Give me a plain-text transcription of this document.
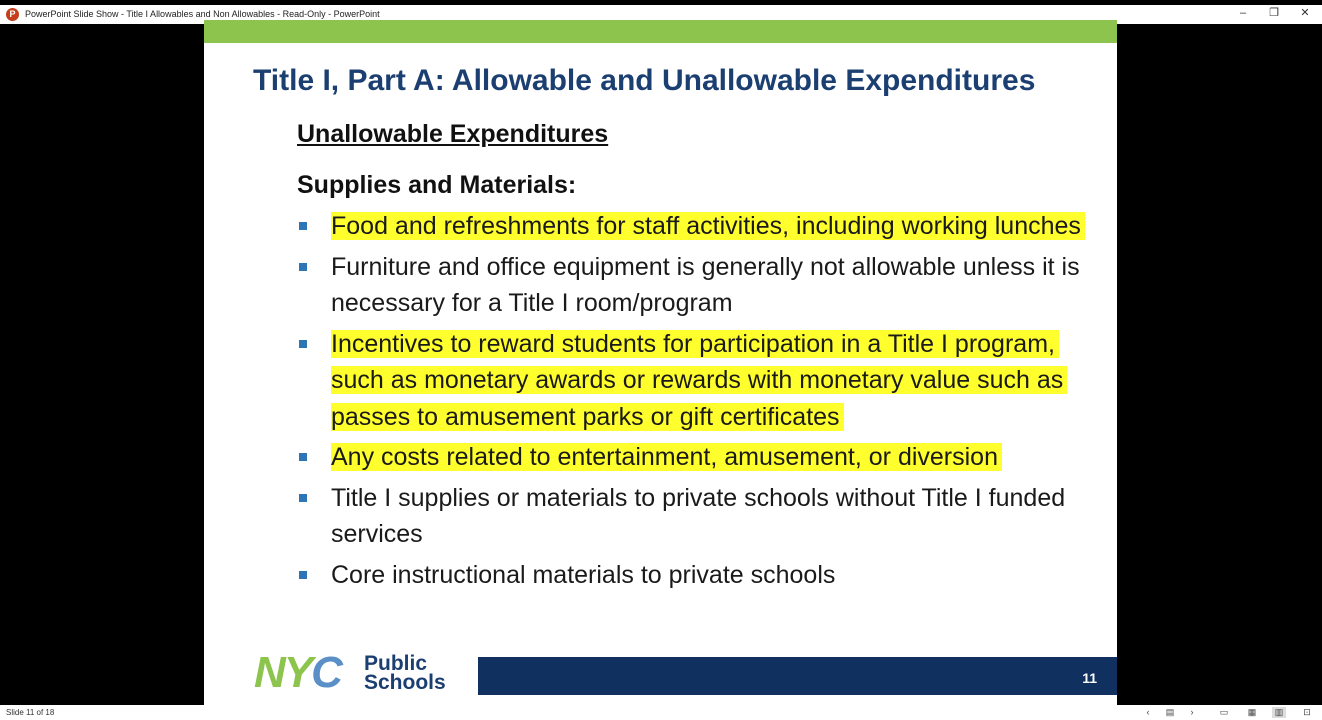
P	PowerPoint Slide Show - Title I Allowables and Non Allowables - Read-Only - PowerPoint	–	❐	✕
Title I, Part A: Allowable and Unallowable Expenditures
Unallowable Expenditures
Supplies and Materials:
Food and refreshments for staff activities, including working lunches
Furniture and office equipment is generally not allowable unless it is necessary for a Title I room/program
Incentives to reward students for participation in a Title I program, such as monetary awards or rewards with monetary value such as passes to amusement parks or gift certificates
Any costs related to entertainment, amusement, or diversion
Title I supplies or materials to private schools without Title I funded services
Core instructional materials to private schools
NYC Public
Schools	11
Slide 11 of 18	‹	▤	›	▭	▦	▥	⊡
